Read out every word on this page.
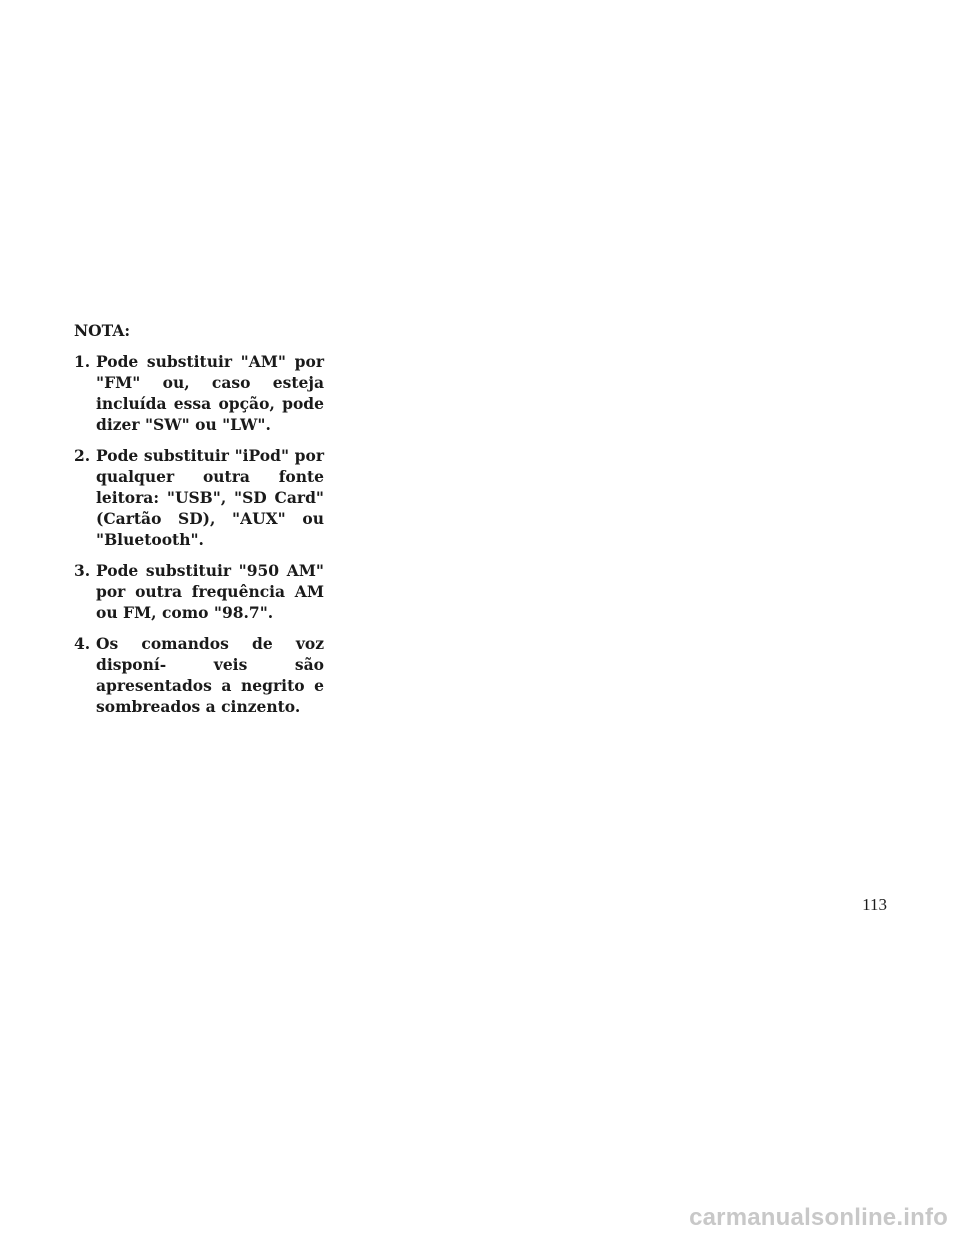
NOTA:

1. Pode substituir "AM" por "FM" ou, caso esteja incluída essa opção, pode dizer "SW" ou "LW".
2. Pode substituir "iPod" por qualquer outra fonte leitora: "USB", "SD Card" (Cartão SD), "AUX" ou "Bluetooth".
3. Pode substituir "950 AM" por outra frequência AM ou FM, como "98.7".
4. Os comandos de voz disponí- veis são apresentados a negrito e sombreados a cinzento.
113
carmanualsonline.info
